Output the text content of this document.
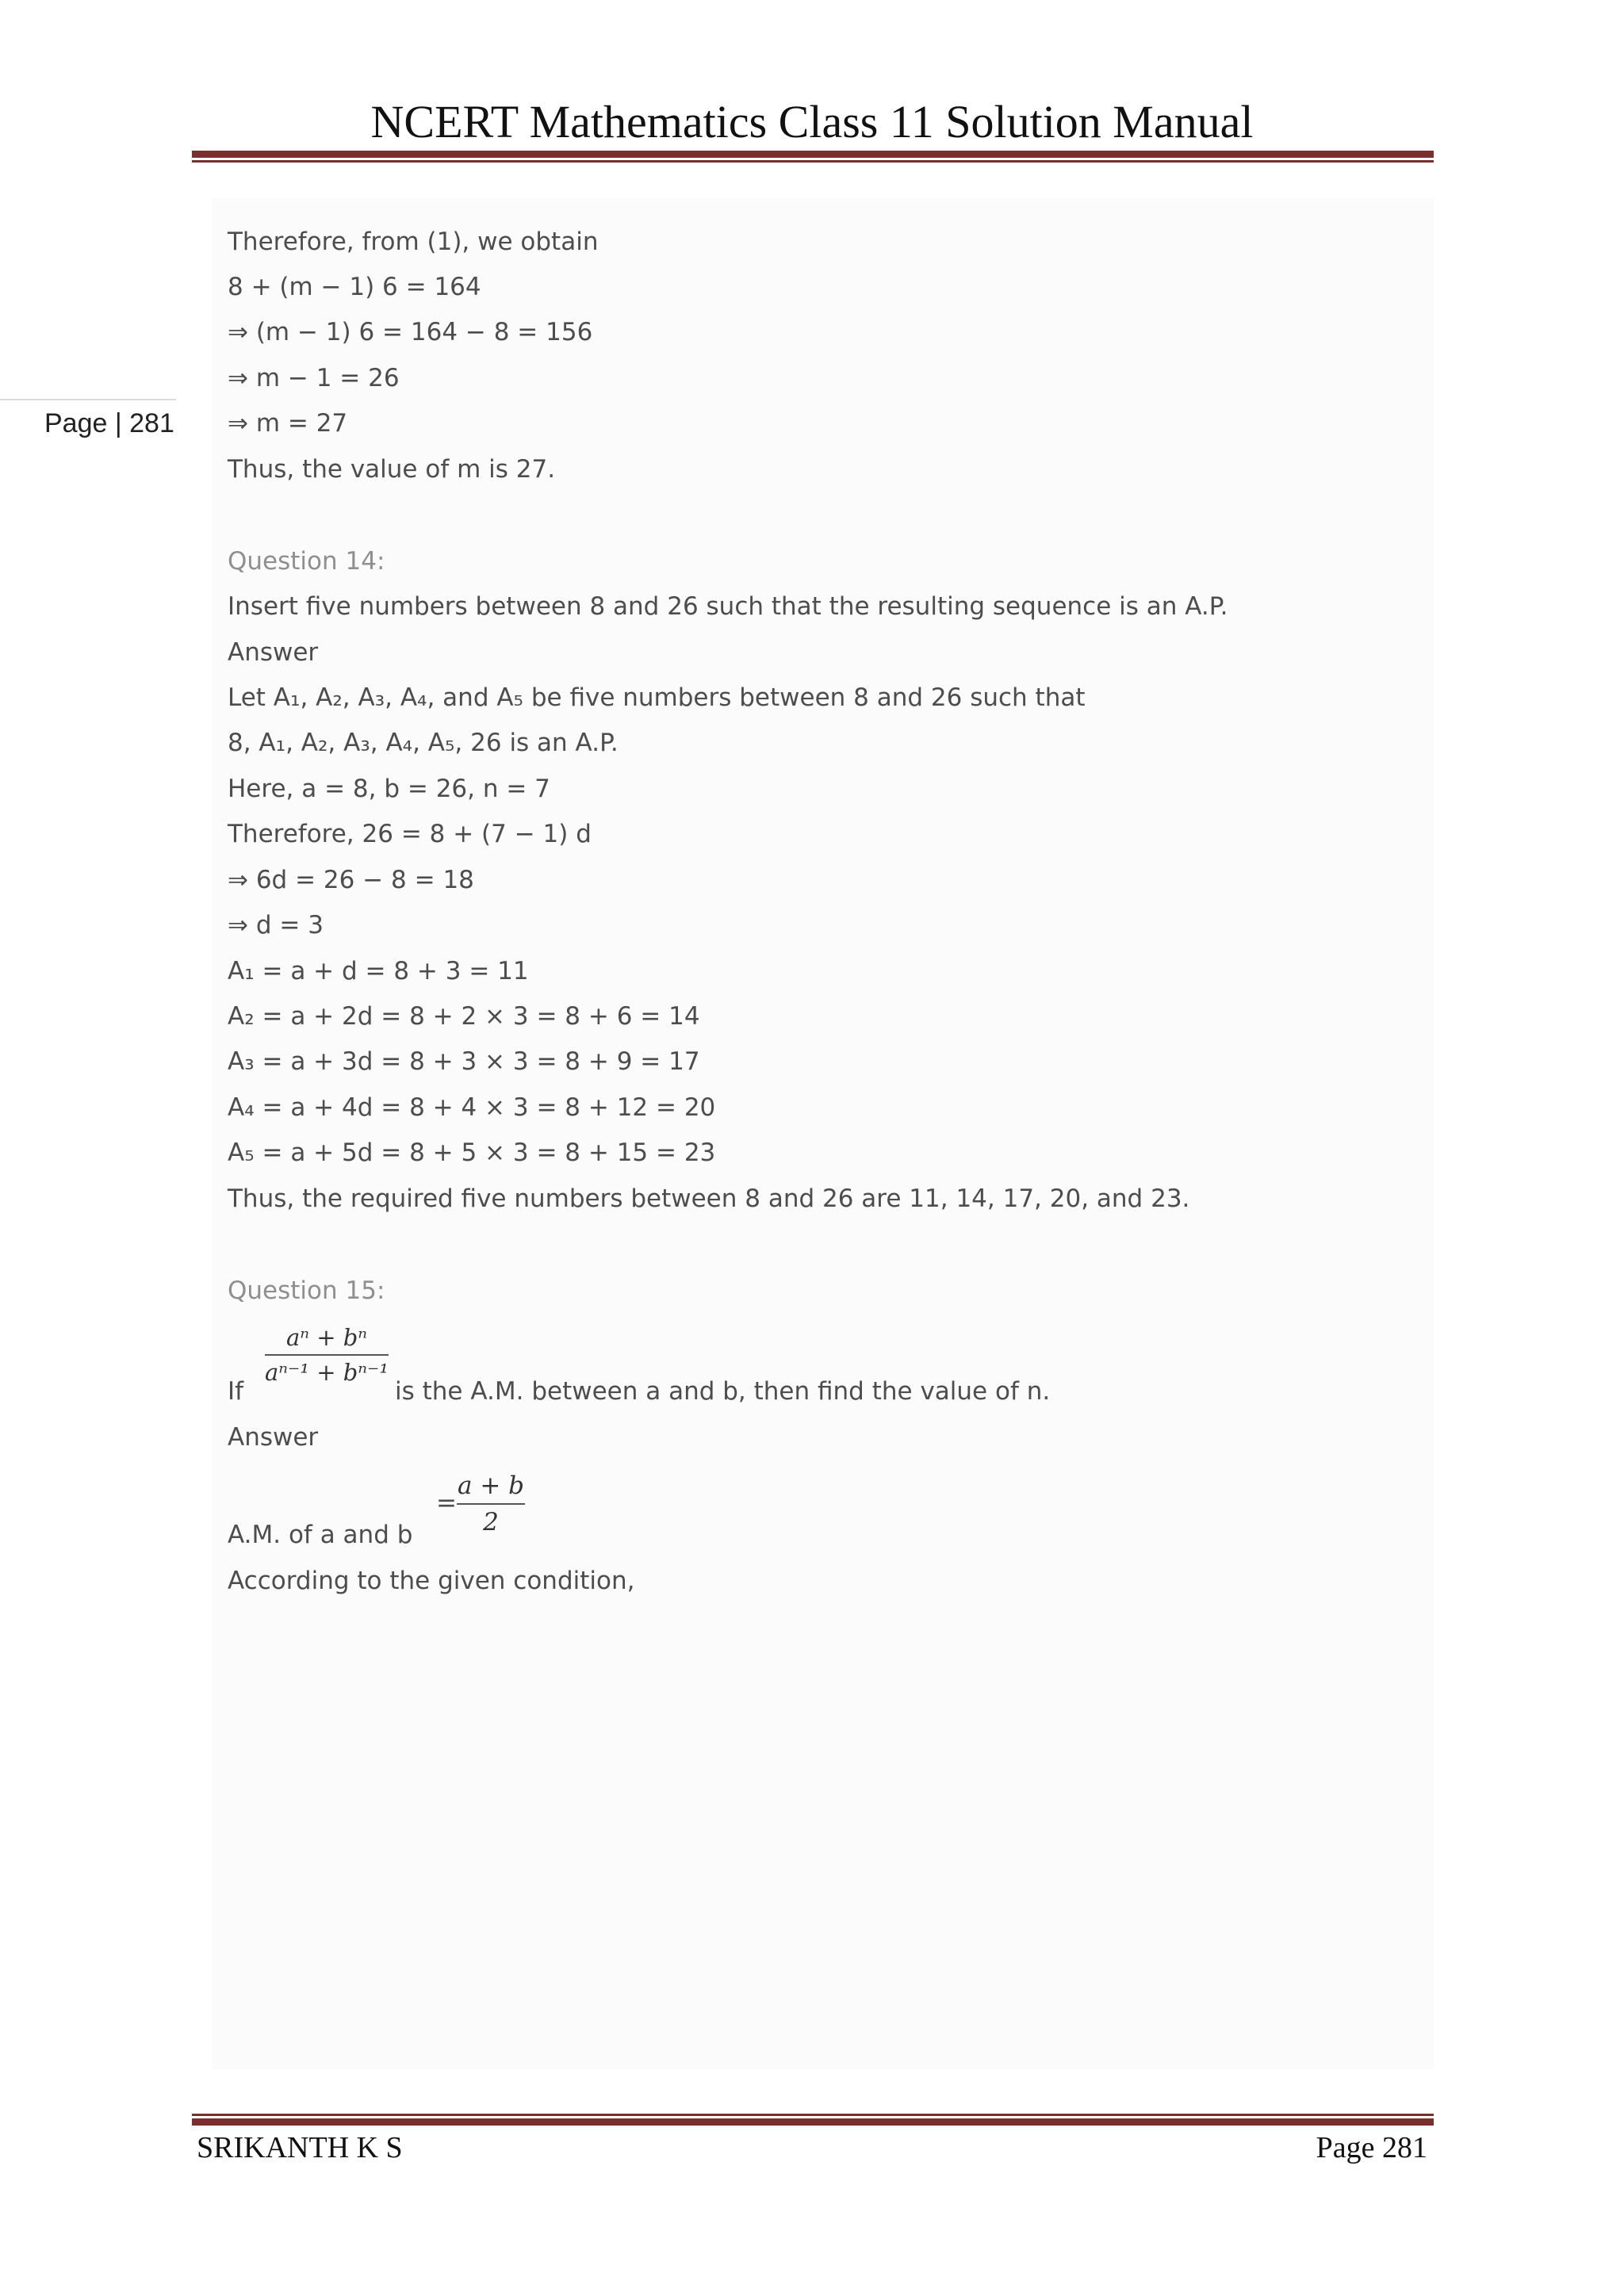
NCERT Mathematics Class 11 Solution Manual
Page | 281
Therefore, from (1), we obtain
8 + (m − 1) 6 = 164
⇒ (m − 1) 6 = 164 − 8 = 156
⇒ m − 1 = 26
⇒ m = 27
Thus, the value of m is 27.
Question 14:
Insert five numbers between 8 and 26 such that the resulting sequence is an A.P.
Answer
Let A₁, A₂, A₃, A₄, and A₅ be five numbers between 8 and 26 such that
8, A₁, A₂, A₃, A₄, A₅, 26 is an A.P.
Here, a = 8, b = 26, n = 7
Therefore, 26 = 8 + (7 − 1) d
⇒ 6d = 26 − 8 = 18
⇒ d = 3
A₁ = a + d = 8 + 3 = 11
A₂ = a + 2d = 8 + 2 × 3 = 8 + 6 = 14
A₃ = a + 3d = 8 + 3 × 3 = 8 + 9 = 17
A₄ = a + 4d = 8 + 4 × 3 = 8 + 12 = 20
A₅ = a + 5d = 8 + 5 × 3 = 8 + 15 = 23
Thus, the required five numbers between 8 and 26 are 11, 14, 17, 20, and 23.
Question 15:
If
aⁿ + bⁿ
aⁿ⁻¹ + bⁿ⁻¹
is the A.M. between a and b, then find the value of n.
Answer
A.M. of a and b
=
a + b
2
According to the given condition,
SRIKANTH K S	Page 281
